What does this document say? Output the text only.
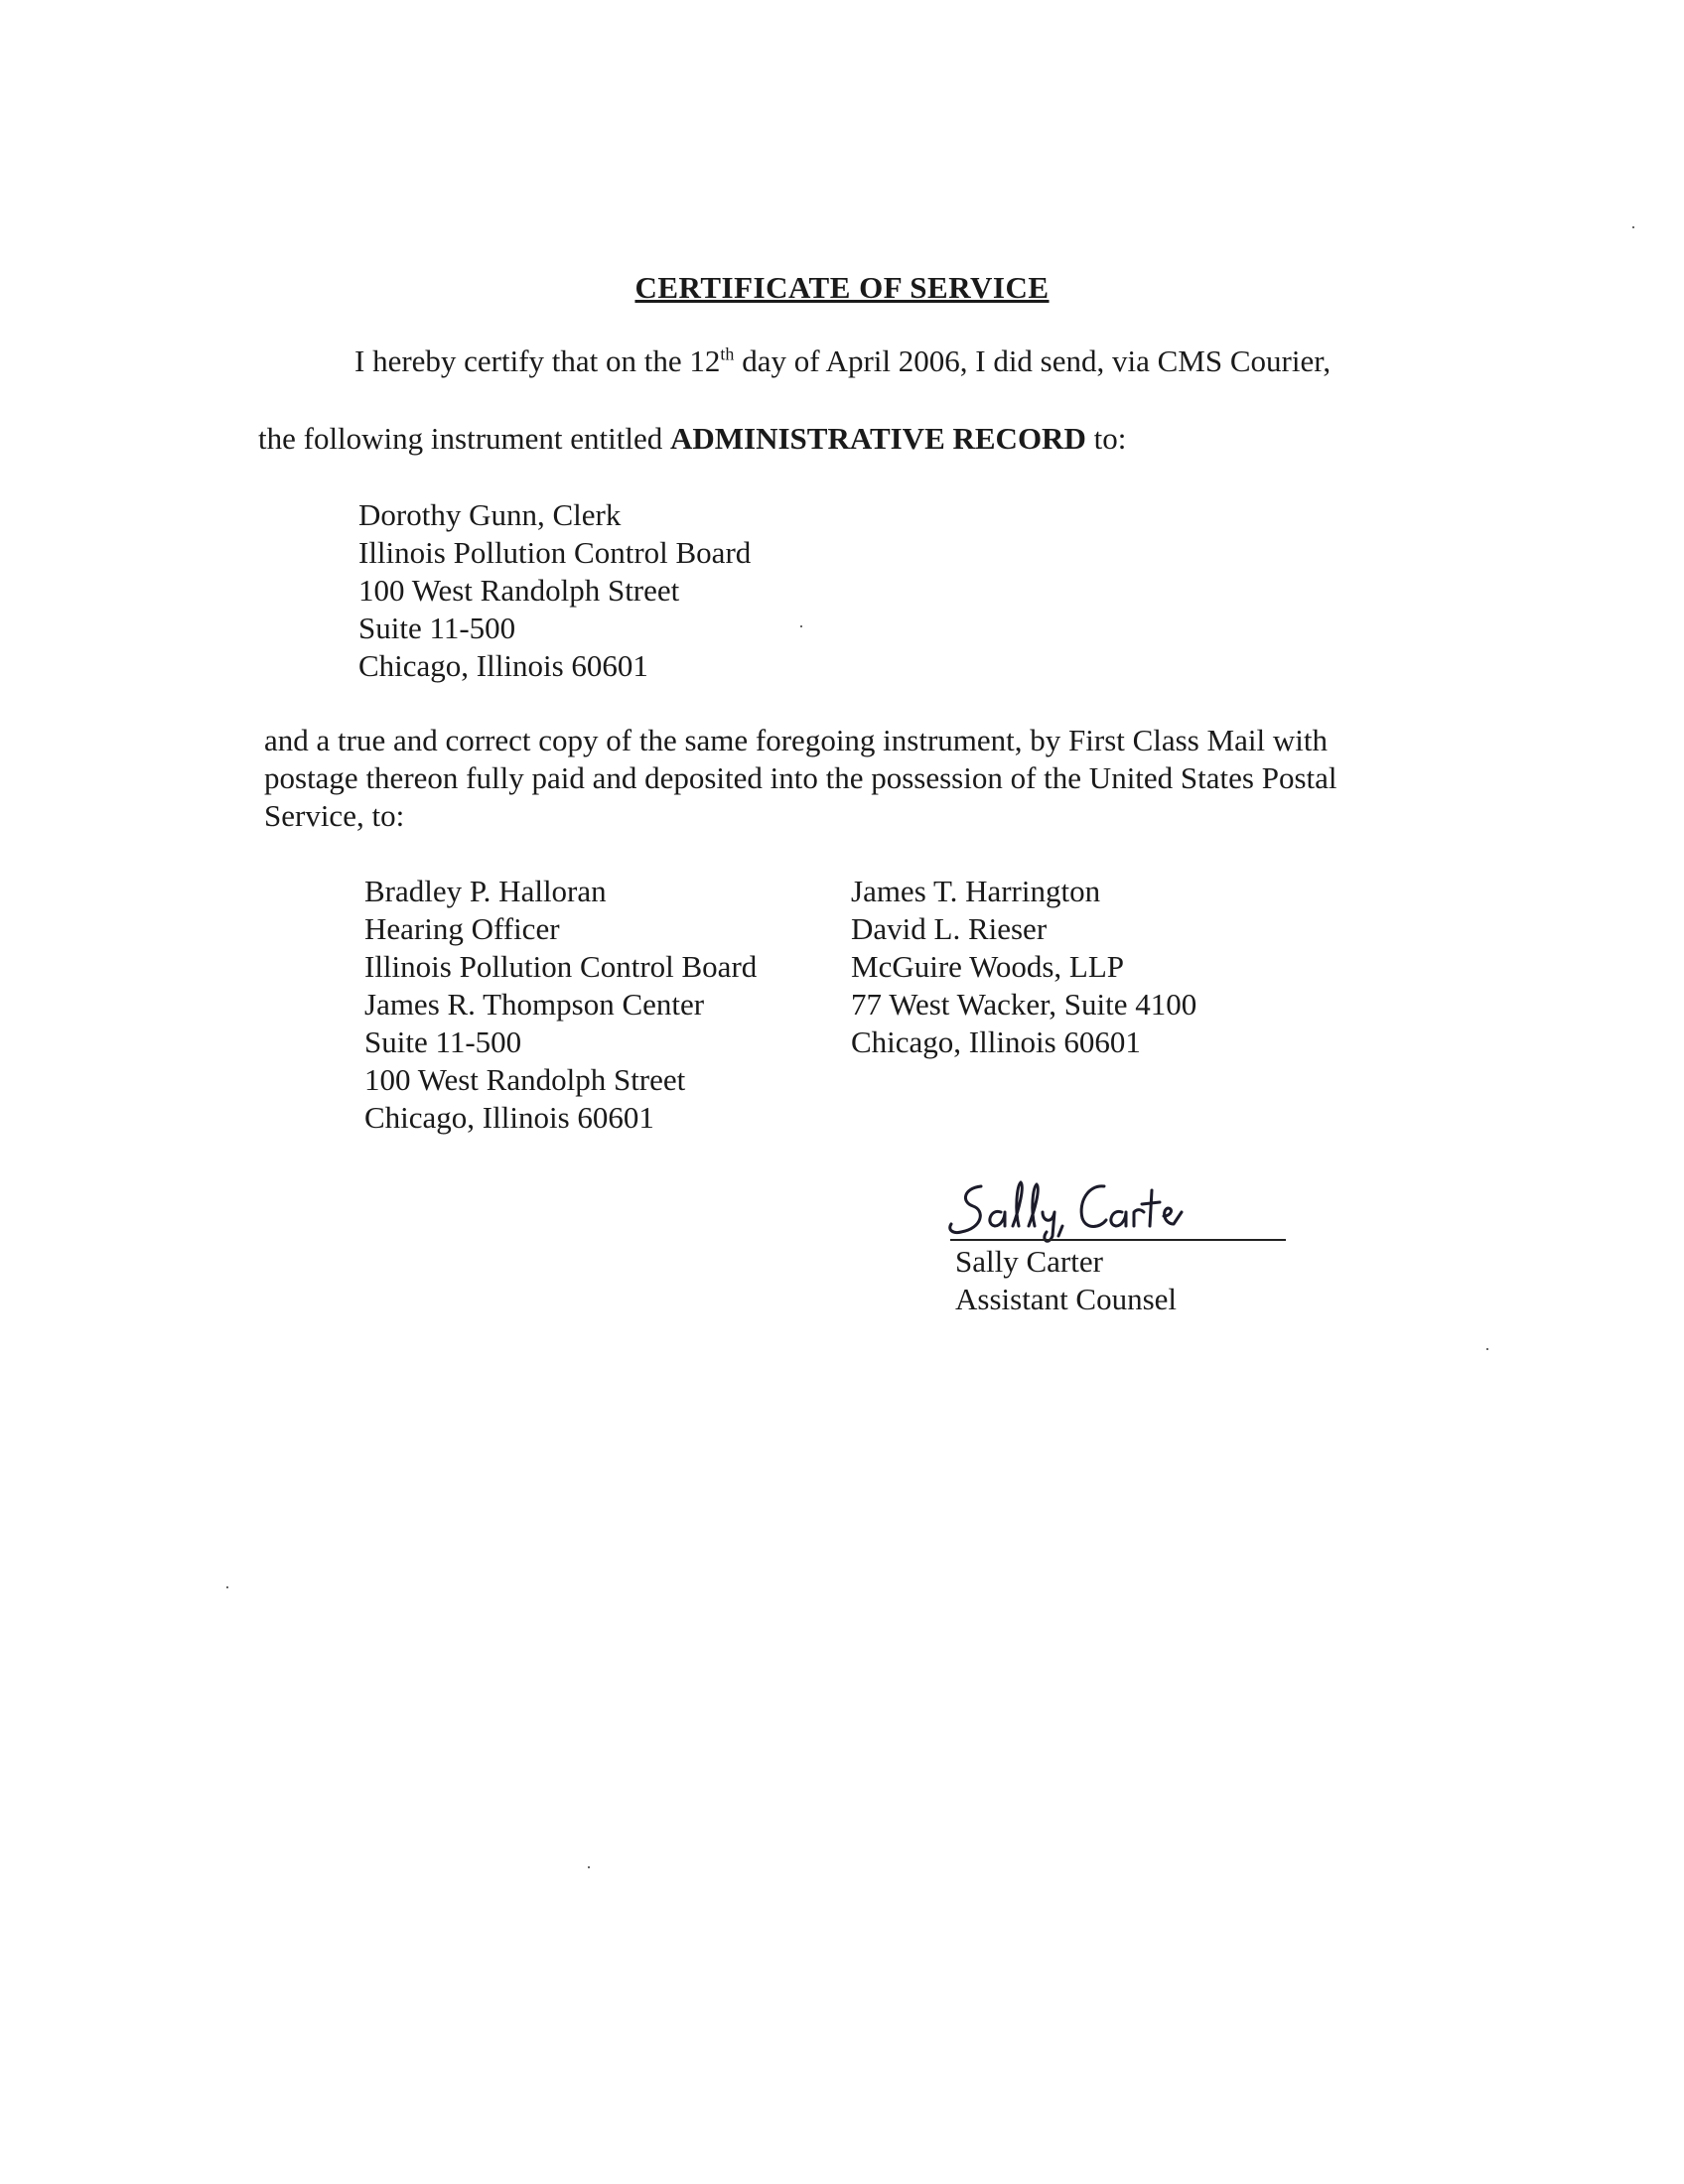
CERTIFICATE OF SERVICE
I hereby certify that on the 12th day of April 2006, I did send, via CMS Courier,
the following instrument entitled ADMINISTRATIVE RECORD to:
Dorothy Gunn, Clerk
Illinois Pollution Control Board
100 West Randolph Street
Suite 11-500
Chicago, Illinois 60601
and a true and correct copy of the same foregoing instrument, by First Class Mail with postage thereon fully paid and deposited into the possession of the United States Postal Service, to:
Bradley P. Halloran
Hearing Officer
Illinois Pollution Control Board
James R. Thompson Center
Suite 11-500
100 West Randolph Street
Chicago, Illinois 60601
James T. Harrington
David L. Rieser
McGuire Woods, LLP
77 West Wacker, Suite 4100
Chicago, Illinois 60601
Sally Carter
Assistant Counsel
